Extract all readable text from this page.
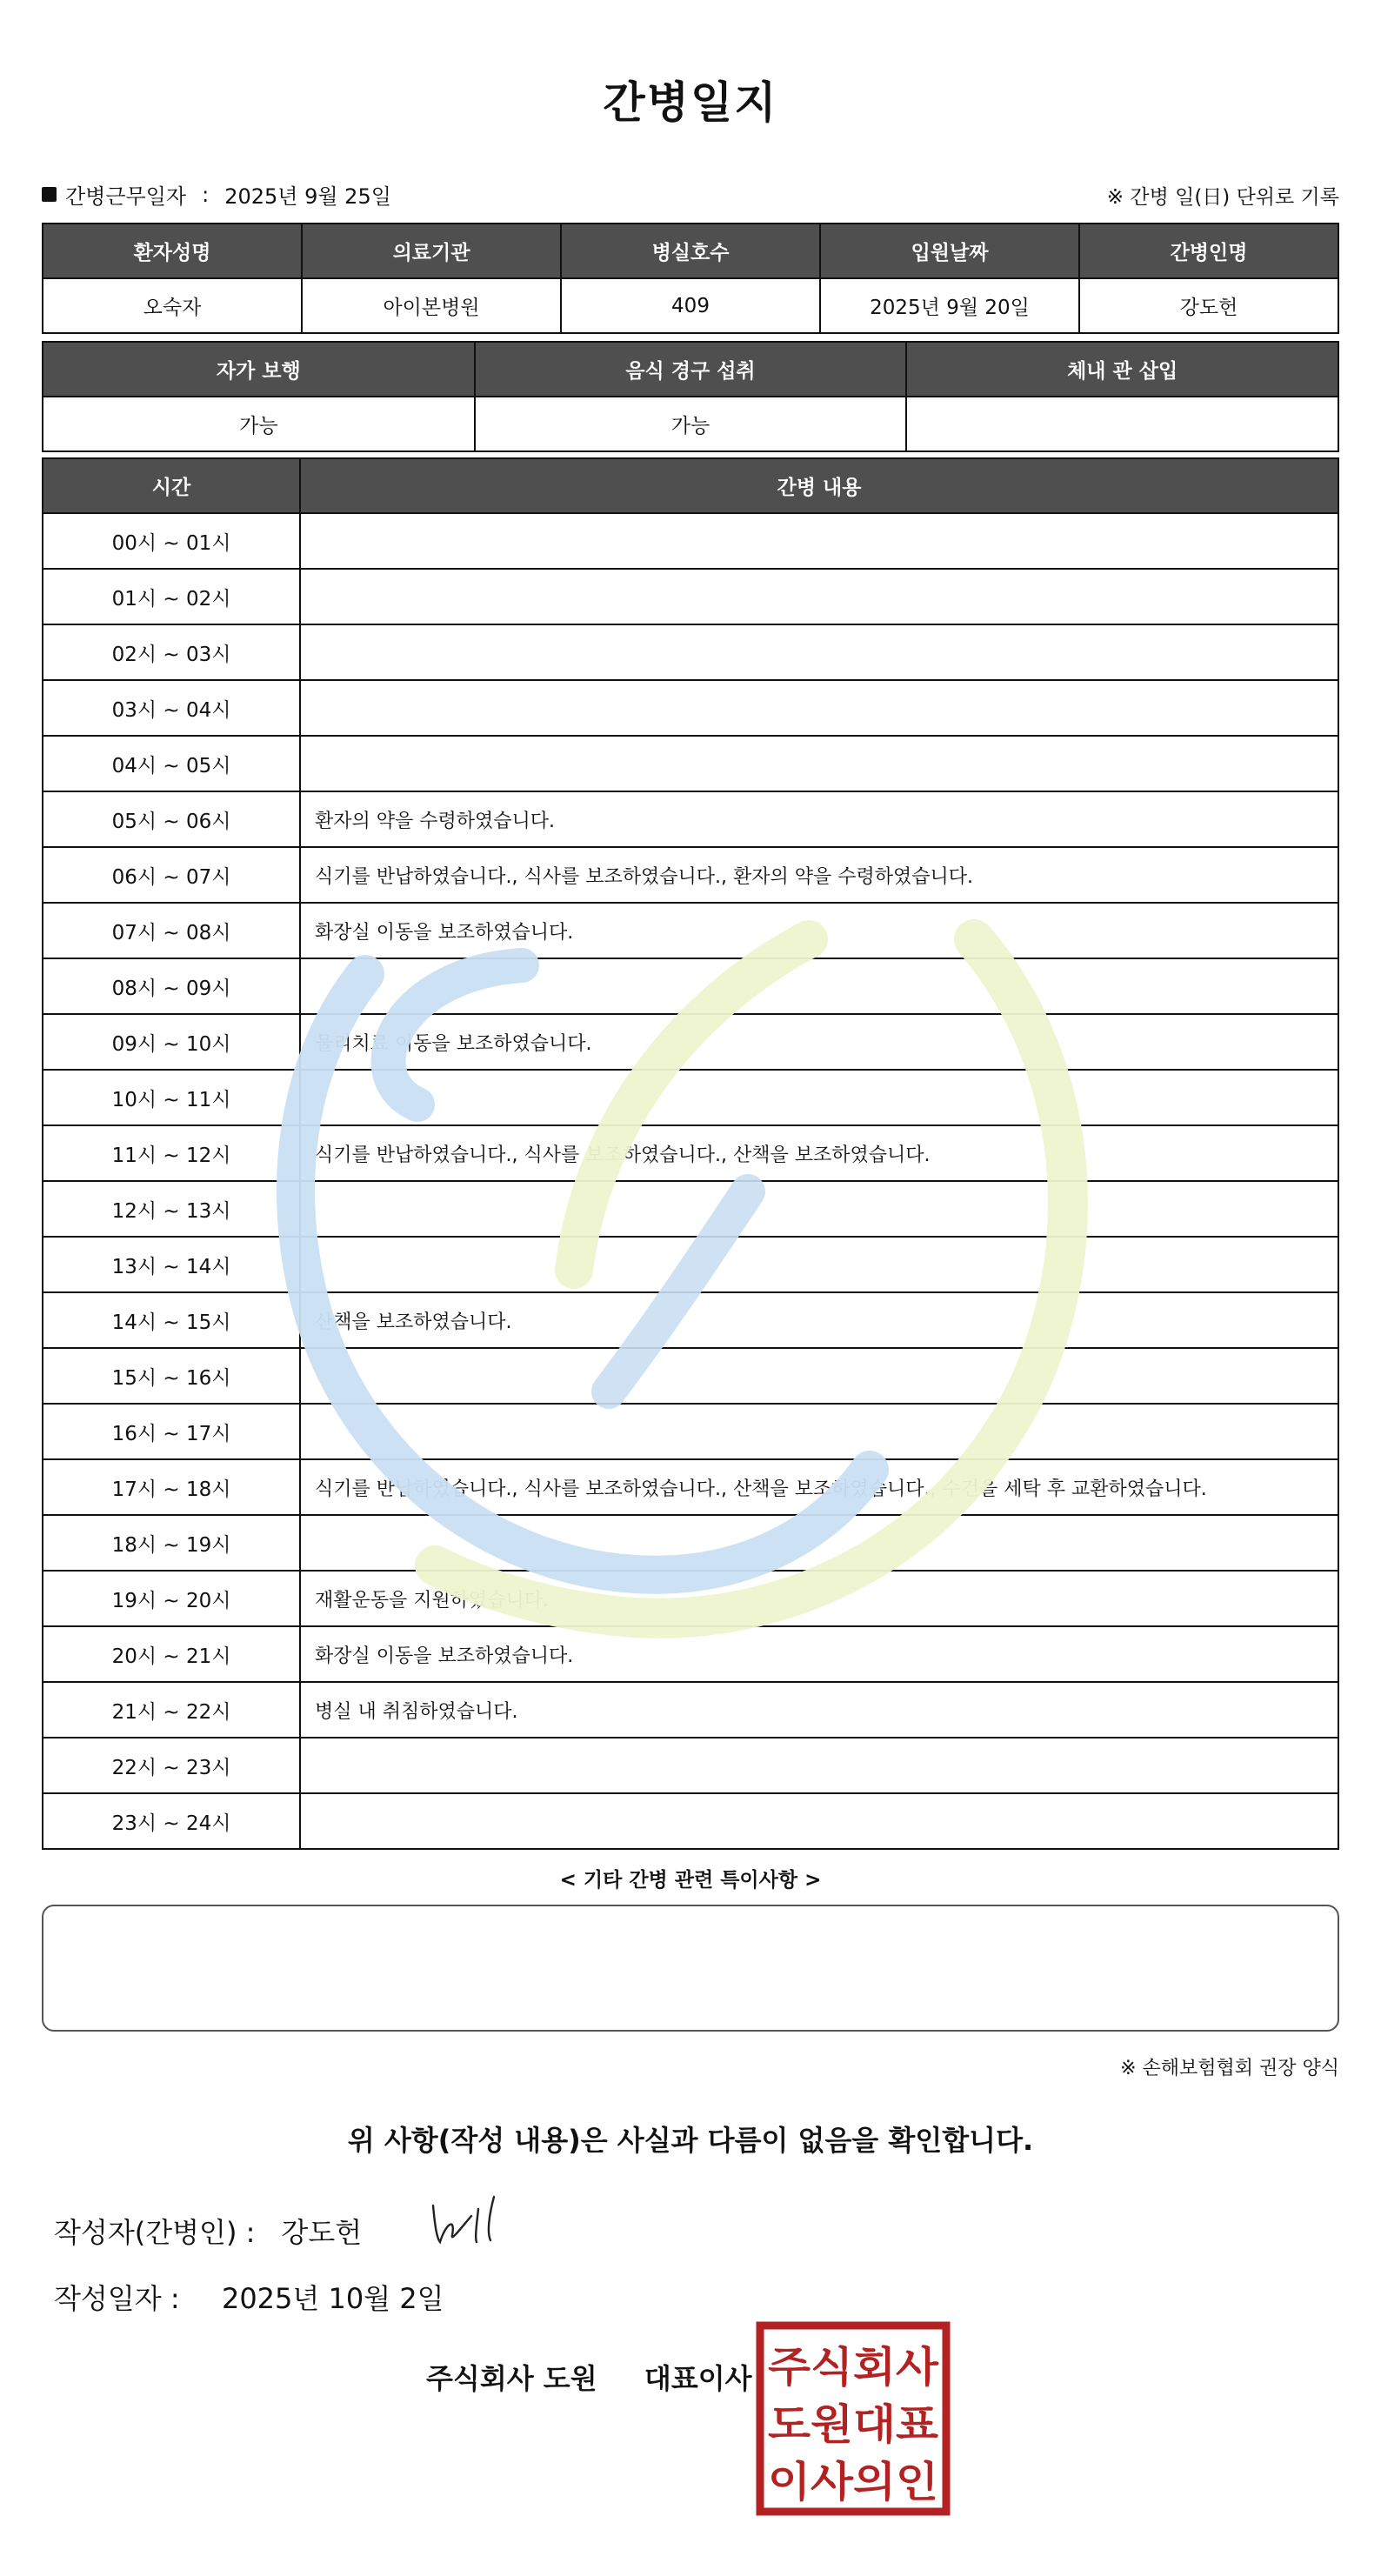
간병일지
간병근무일자 : 2025년 9월 25일	※ 간병 일(日) 단위로 기록
환자성명	의료기관	병실호수	입원날짜	간병인명
오숙자	아이본병원	409	2025년 9월 20일	강도헌
자가 보행	음식 경구 섭취	체내 관 삽입
가능	가능	
시간	간병 내용
00시 ~ 01시	
01시 ~ 02시	
02시 ~ 03시	
03시 ~ 04시	
04시 ~ 05시	
05시 ~ 06시	환자의 약을 수령하였습니다.
06시 ~ 07시	식기를 반납하였습니다., 식사를 보조하였습니다., 환자의 약을 수령하였습니다.
07시 ~ 08시	화장실 이동을 보조하였습니다.
08시 ~ 09시	
09시 ~ 10시	물리치료 이동을 보조하였습니다.
10시 ~ 11시	
11시 ~ 12시	식기를 반납하였습니다., 식사를 보조하였습니다., 산책을 보조하였습니다.
12시 ~ 13시	
13시 ~ 14시	
14시 ~ 15시	산책을 보조하였습니다.
15시 ~ 16시	
16시 ~ 17시	
17시 ~ 18시	식기를 반납하였습니다., 식사를 보조하였습니다., 산책을 보조하였습니다., 수건을 세탁 후 교환하였습니다.
18시 ~ 19시	
19시 ~ 20시	재활운동을 지원하였습니다.
20시 ~ 21시	화장실 이동을 보조하였습니다.
21시 ~ 22시	병실 내 취침하였습니다.
22시 ~ 23시	
23시 ~ 24시	
< 기타 간병 관련 특이사항 >
※ 손해보험협회 권장 양식
위 사항(작성 내용)은 사실과 다름이 없음을 확인합니다.
작성자(간병인) : 강도헌
작성일자 : 2025년 10월 2일
주식회사 도원 대표이사 주식회사
도원대표
이사의인
